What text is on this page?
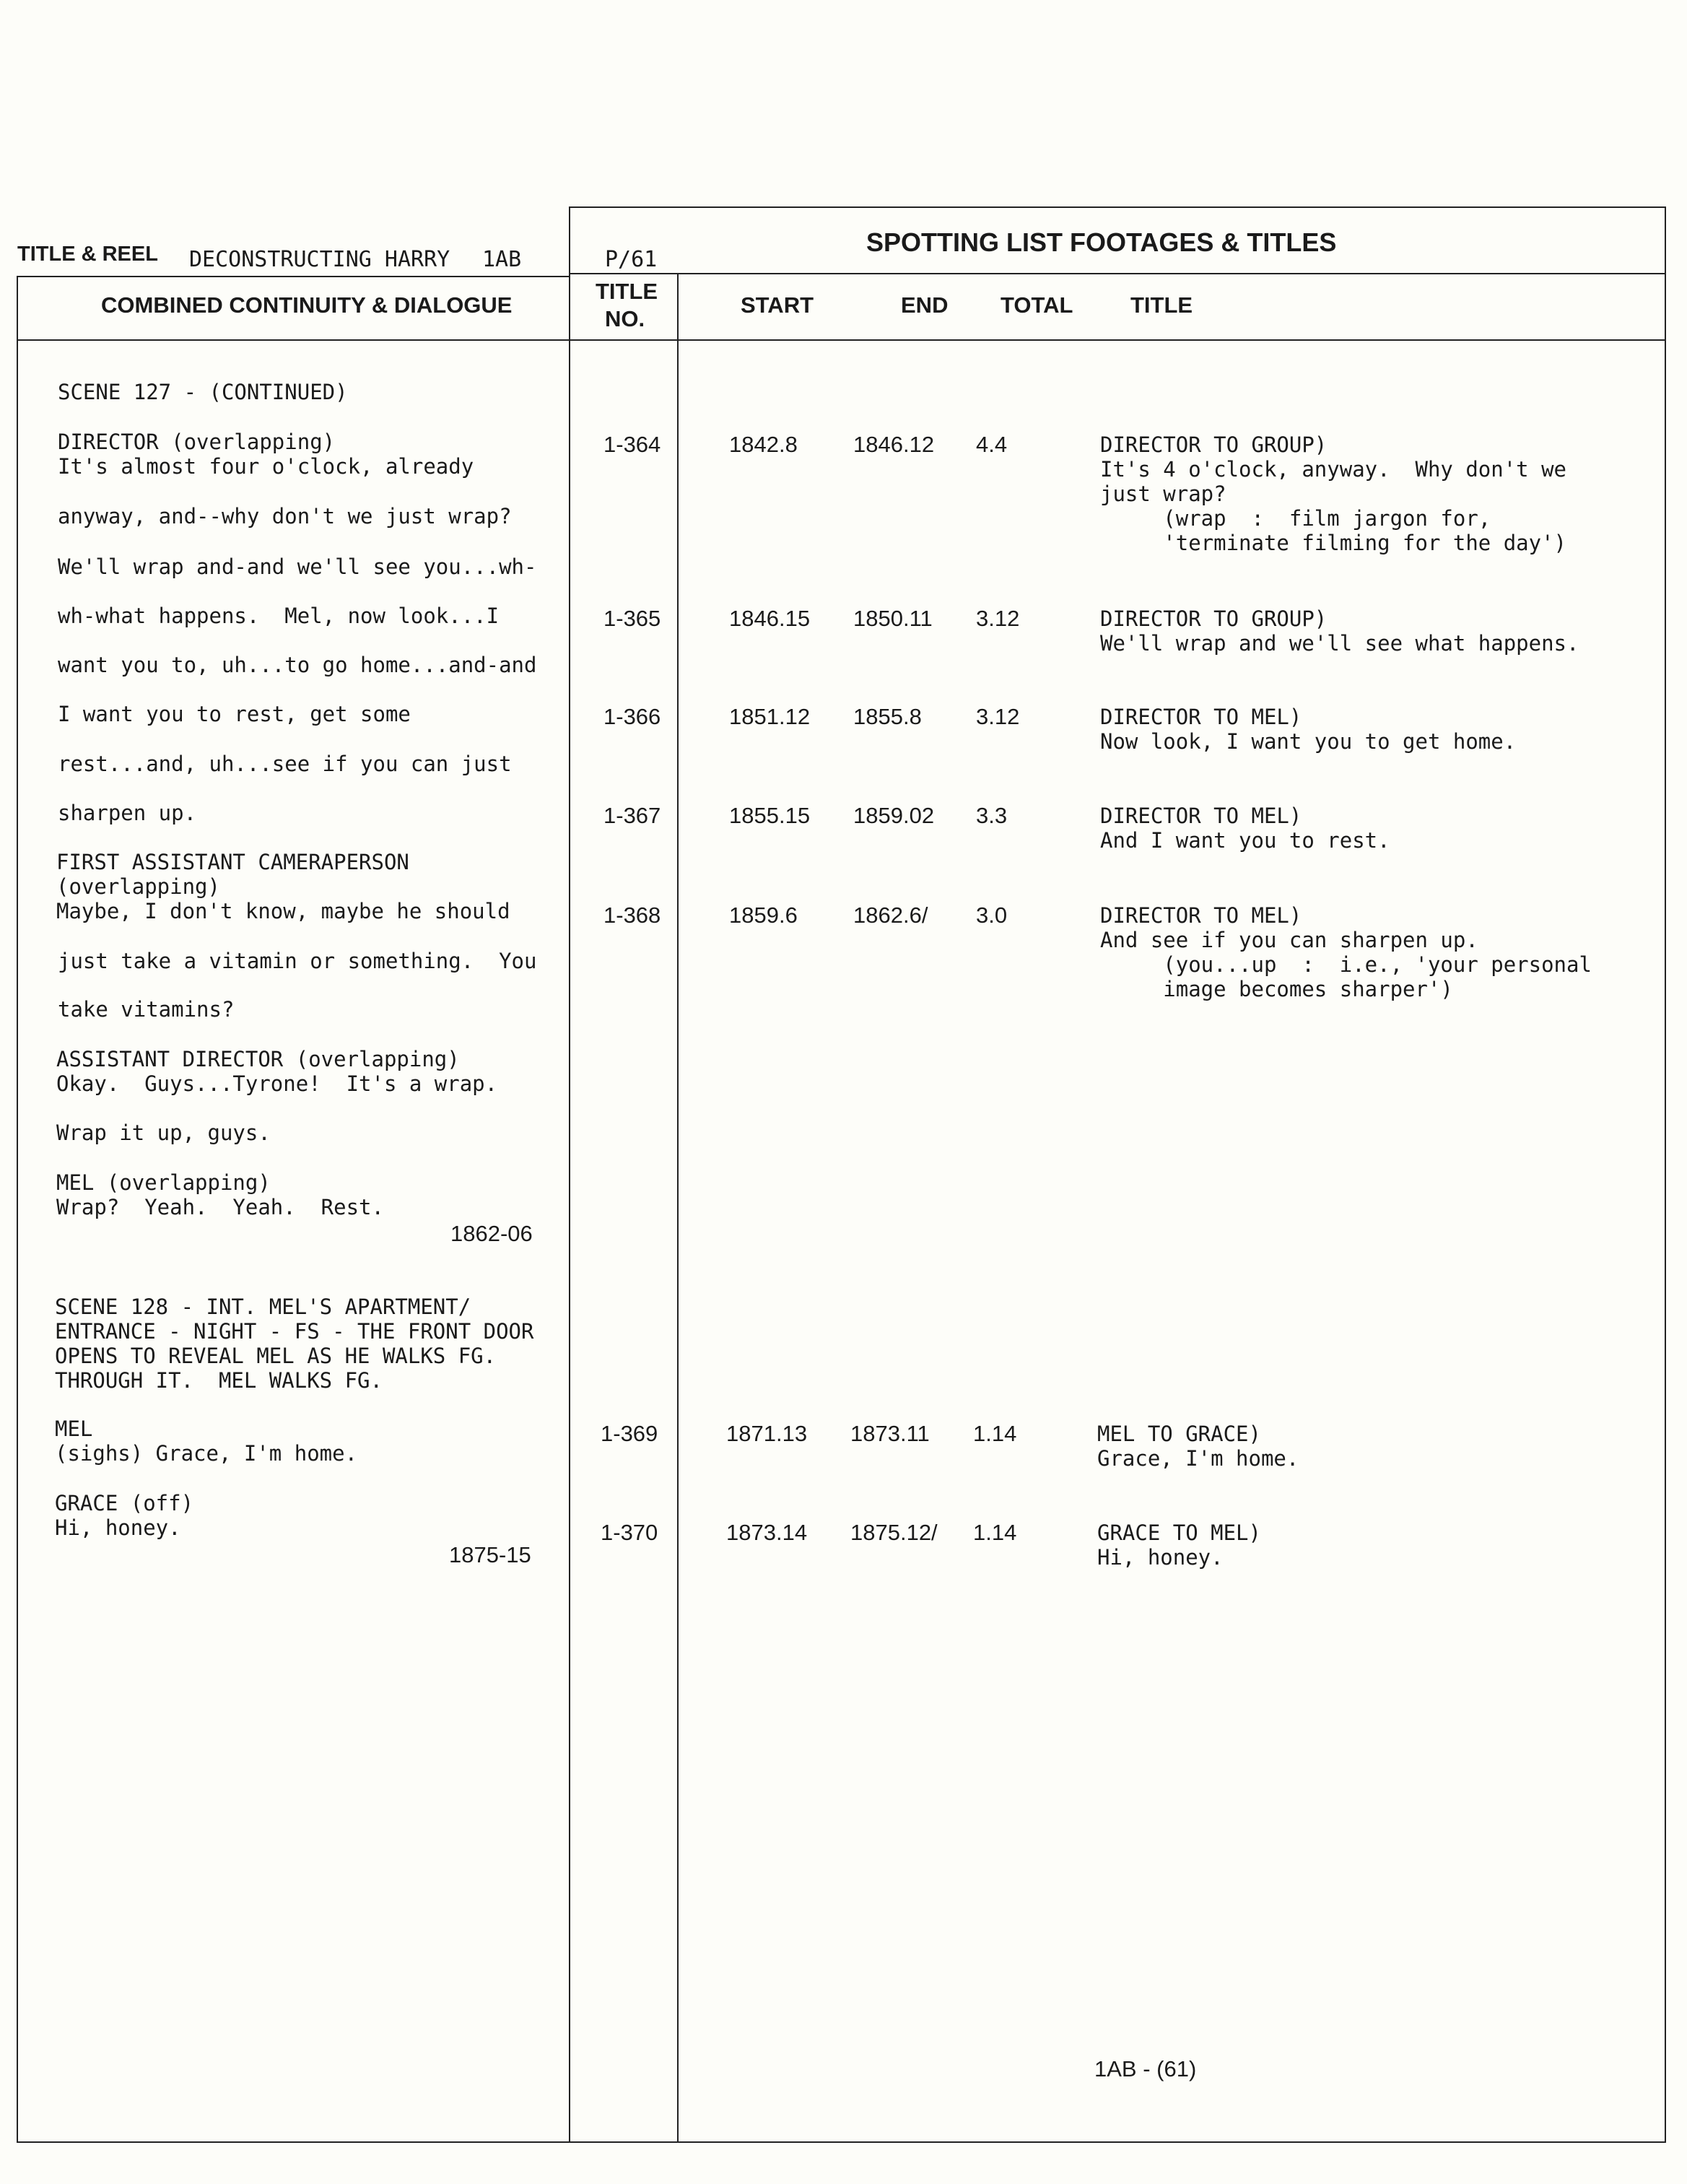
TITLE & REEL DECONSTRUCTING HARRY 1AB	P/61
SPOTTING LIST FOOTAGES & TITLES
COMBINED CONTINUITY & DIALOGUE
TITLE
NO.
START	END TOTAL	TITLE
SCENE 127 - (CONTINUED)
DIRECTOR (overlapping)
It's almost four o'clock, already
anyway, and--why don't we just wrap?
We'll wrap and-and we'll see you...wh-
wh-what happens.  Mel, now look...I
want you to, uh...to go home...and-and
I want you to rest, get some
rest...and, uh...see if you can just
sharpen up.
FIRST ASSISTANT CAMERAPERSON
(overlapping)
Maybe, I don't know, maybe he should
just take a vitamin or something.  You
take vitamins?
ASSISTANT DIRECTOR (overlapping)
Okay.  Guys...Tyrone!  It's a wrap.
Wrap it up, guys.
MEL (overlapping)
Wrap?  Yeah.  Yeah.  Rest.
1862-06
SCENE 128 - INT. MEL'S APARTMENT/
ENTRANCE - NIGHT - FS - THE FRONT DOOR
OPENS TO REVEAL MEL AS HE WALKS FG.
THROUGH IT.  MEL WALKS FG.
MEL
(sighs) Grace, I'm home.
GRACE (off)
Hi, honey.
1875-15
1-364	1842.8 1846.12 4.4	DIRECTOR TO GROUP)
It's 4 o'clock, anyway.  Why don't we
just wrap?
(wrap  :  film jargon for,
'terminate filming for the day')
1-365	1846.15 1850.11 3.12	DIRECTOR TO GROUP)
We'll wrap and we'll see what happens.
1-366	1851.12 1855.8 3.12	DIRECTOR TO MEL)
Now look, I want you to get home.
1-367	1855.15 1859.02 3.3	DIRECTOR TO MEL)
And I want you to rest.
1-368	1859.6 1862.6/ 3.0	DIRECTOR TO MEL)
And see if you can sharpen up.
(you...up  :  i.e., 'your personal
image becomes sharper')
1-369	1871.13 1873.11 1.14	MEL TO GRACE)
Grace, I'm home.
1-370	1873.14 1875.12/ 1.14	GRACE TO MEL)
Hi, honey.
1AB - (61)
